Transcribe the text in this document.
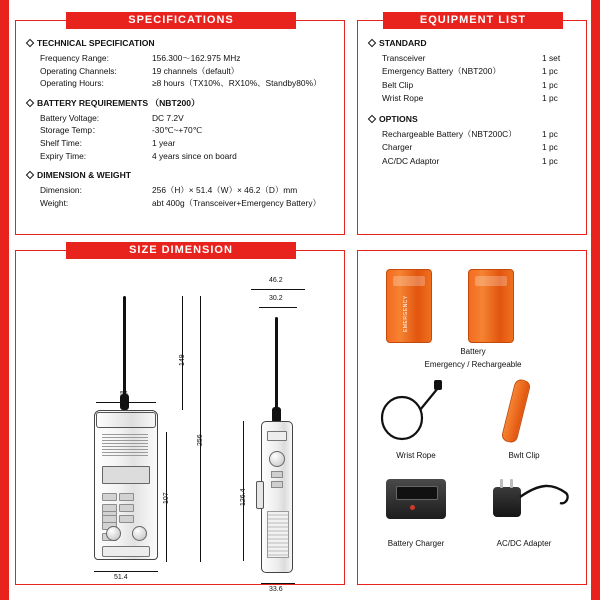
SPECIFICATIONS
TECHNICAL SPECIFICATION
Frequency Range:	156.300～162.975 MHz
Operating Channels:	19 channels（default）
Operating Hours:	≥8 hours（TX10%、RX10%、Standby80%）
BATTERY REQUIREMENTS （NBT200）
Battery Voltage:	DC 7.2V
Storage Temp：	-30℃~+70℃
Shelf Time:	1 year
Expiry Time:	4 years since on board
DIMENSION & WEIGHT
Dimension:	256（H）× 51.4（W）× 46.2（D）mm
Weight:	abt 400g（Transceiver+Emergency Battery）
EQUIPMENT LIST
STANDARD
Transceiver	1 set
Emergency Battery（NBT200）	1 pc
Belt Clip	1 pc
Wrist Rope	1 pc
OPTIONS
Rechargeable Battery（NBT200C）	1 pc
Charger	1 pc
AC/DC Adaptor	1 pc
SIZE DIMENSION
149
256
107
56
51.4
46.2
30.2
126.4
33.6
EMERGENCY
Battery
Emergency / Rechargeable
Wrist Rope	Bwlt Clip
Battery Charger	AC/DC Adapter
